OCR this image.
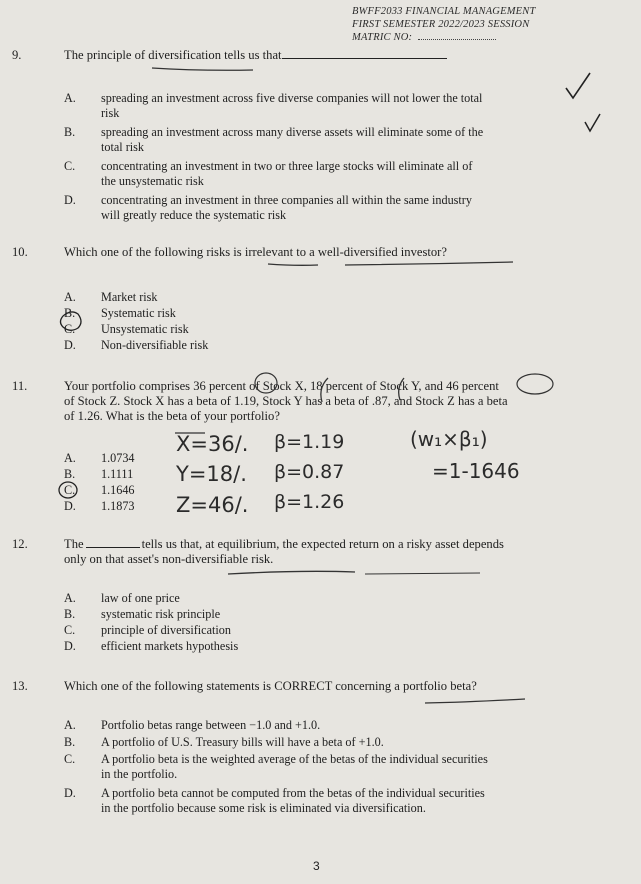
BWFF2033 FINANCIAL MANAGEMENT
FIRST SEMESTER 2022/2023 SESSION
MATRIC NO:
9.	The principle of diversification tells us that
A. spreading an investment across five diverse companies will not lower the total
risk
B. spreading an investment across many diverse assets will eliminate some of the
total risk
C. concentrating an investment in two or three large stocks will eliminate all of
the unsystematic risk
D. concentrating an investment in three companies all within the same industry
will greatly reduce the systematic risk
10.	Which one of the following risks is irrelevant to a well-diversified investor?
A. Market risk
B. Systematic risk
C. Unsystematic risk
D. Non-diversifiable risk
11.	Your portfolio comprises 36 percent of Stock X, 18 percent of Stock Y, and 46 percent
of Stock Z. Stock X has a beta of 1.19, Stock Y has a beta of .87, and Stock Z has a beta
of 1.26. What is the beta of your portfolio?
A. 1.0734
B. 1.1111
C. 1.1646
D. 1.1873
12.	The	tells us that, at equilibrium, the expected return on a risky asset depends
only on that asset's non-diversifiable risk.
A. law of one price
B. systematic risk principle
C. principle of diversification
D. efficient markets hypothesis
13.	Which one of the following statements is CORRECT concerning a portfolio beta?
A. Portfolio betas range between −1.0 and +1.0.
B. A portfolio of U.S. Treasury bills will have a beta of +1.0.
C. A portfolio beta is the weighted average of the betas of the individual securities
in the portfolio.
D. A portfolio beta cannot be computed from the betas of the individual securities
in the portfolio because some risk is eliminated via diversification.
3
X=36/. β=1.19
Y=18/. β=0.87
Z=46/. β=1.26
(w₁×β₁)
=1-1646
